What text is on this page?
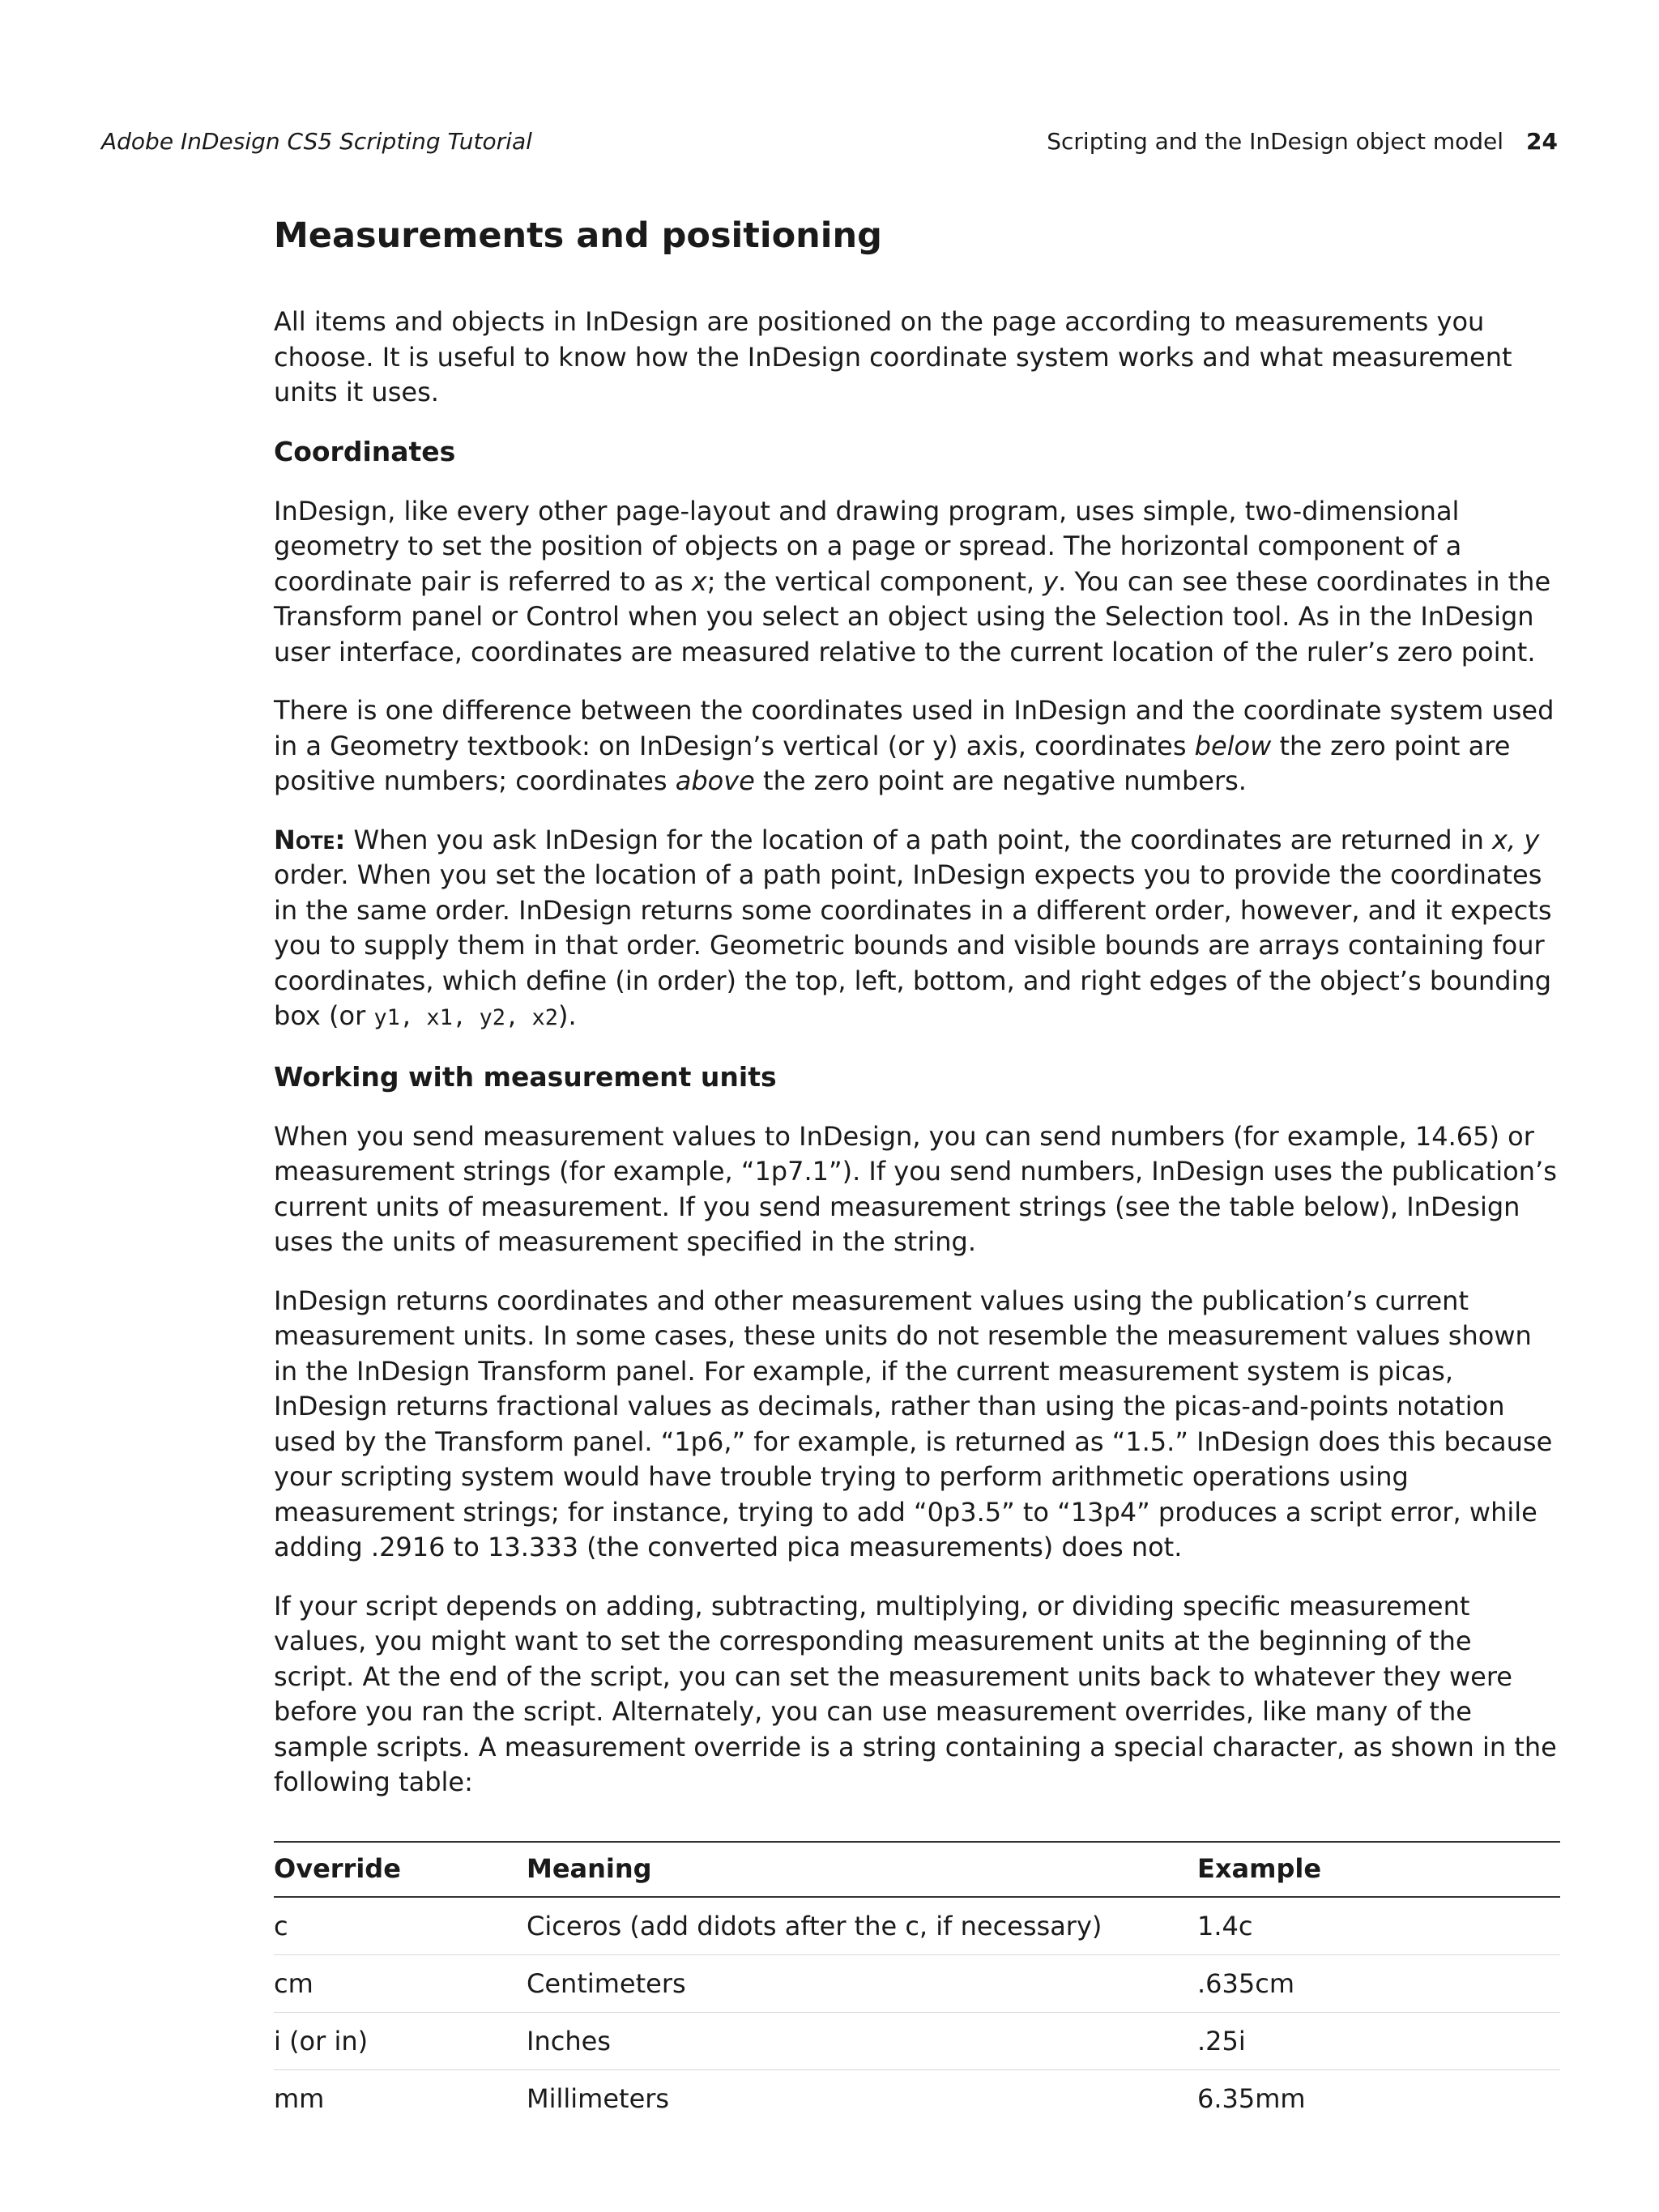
Adobe InDesign CS5 Scripting Tutorial	Scripting and the InDesign object model 24
Measurements and positioning

All items and objects in InDesign are positioned on the page according to measurements you choose. It is useful to know how the InDesign coordinate system works and what measurement units it uses.

Coordinates

InDesign, like every other page-layout and drawing program, uses simple, two-dimensional geometry to set the position of objects on a page or spread. The horizontal component of a coordinate pair is referred to as x; the vertical component, y. You can see these coordinates in the Transform panel or Control when you select an object using the Selection tool. As in the InDesign user interface, coordinates are measured relative to the current location of the ruler’s zero point.

There is one difference between the coordinates used in InDesign and the coordinate system used in a Geometry textbook: on InDesign’s vertical (or y) axis, coordinates below the zero point are positive numbers; coordinates above the zero point are negative numbers.

Note: When you ask InDesign for the location of a path point, the coordinates are returned in x, y order. When you set the location of a path point, InDesign expects you to provide the coordinates in the same order. InDesign returns some coordinates in a different order, however, and it expects you to supply them in that order. Geometric bounds and visible bounds are arrays containing four coordinates, which define (in order) the top, left, bottom, and right edges of the object’s bounding box (or y1, x1, y2, x2).

Working with measurement units

When you send measurement values to InDesign, you can send numbers (for example, 14.65) or measurement strings (for example, “1p7.1”). If you send numbers, InDesign uses the publication’s current units of measurement. If you send measurement strings (see the table below), InDesign uses the units of measurement specified in the string.

InDesign returns coordinates and other measurement values using the publication’s current measurement units. In some cases, these units do not resemble the measurement values shown in the InDesign Transform panel. For example, if the current measurement system is picas, InDesign returns fractional values as decimals, rather than using the picas-and-points notation used by the Transform panel. “1p6,” for example, is returned as “1.5.” InDesign does this because your scripting system would have trouble trying to perform arithmetic operations using measurement strings; for instance, trying to add “0p3.5” to “13p4” produces a script error, while adding .2916 to 13.333 (the converted pica measurements) does not.

If your script depends on adding, subtracting, multiplying, or dividing specific measurement values, you might want to set the corresponding measurement units at the beginning of the script. At the end of the script, you can set the measurement units back to whatever they were before you ran the script. Alternately, you can use measurement overrides, like many of the sample scripts. A measurement override is a string containing a special character, as shown in the following table:

Override	Meaning	Example
c	Ciceros (add didots after the c, if necessary)	1.4c
cm	Centimeters	.635cm
i (or in)	Inches	.25i
mm	Millimeters	6.35mm
